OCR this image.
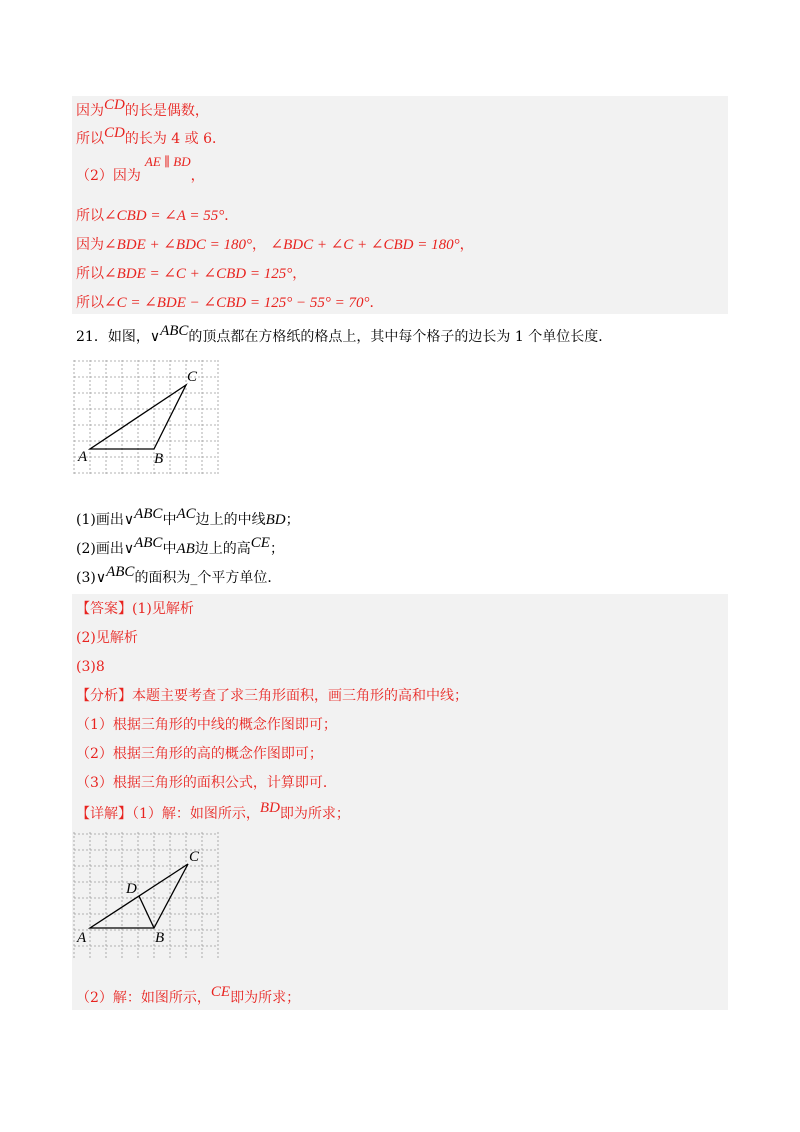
因为CD的长是偶数，
所以CD的长为 4 或 6．
（2）因为AE ∥ BD，
所以∠CBD = ∠A = 55°．
因为∠BDE + ∠BDC = 180°， ∠BDC + ∠C + ∠CBD = 180°，
所以∠BDE = ∠C + ∠CBD = 125°，
所以∠C = ∠BDE − ∠CBD = 125° − 55° = 70°．
21．如图，∨ABC的顶点都在方格纸的格点上，其中每个格子的边长为 1 个单位长度．
A	B
C
(1)画出∨ABC中AC边上的中线BD；
(2)画出∨ABC中AB边上的高CE；
(3)∨ABC的面积为_个平方单位．
【答案】(1)见解析
(2)见解析
(3)8
【分析】本题主要考查了求三角形面积，画三角形的高和中线；
（1）根据三角形的中线的概念作图即可；
（2）根据三角形的高的概念作图即可；
（3）根据三角形的面积公式，计算即可．
【详解】（1）解：如图所示，BD即为所求；
A	B
C
D
（2）解：如图所示，CE即为所求；
